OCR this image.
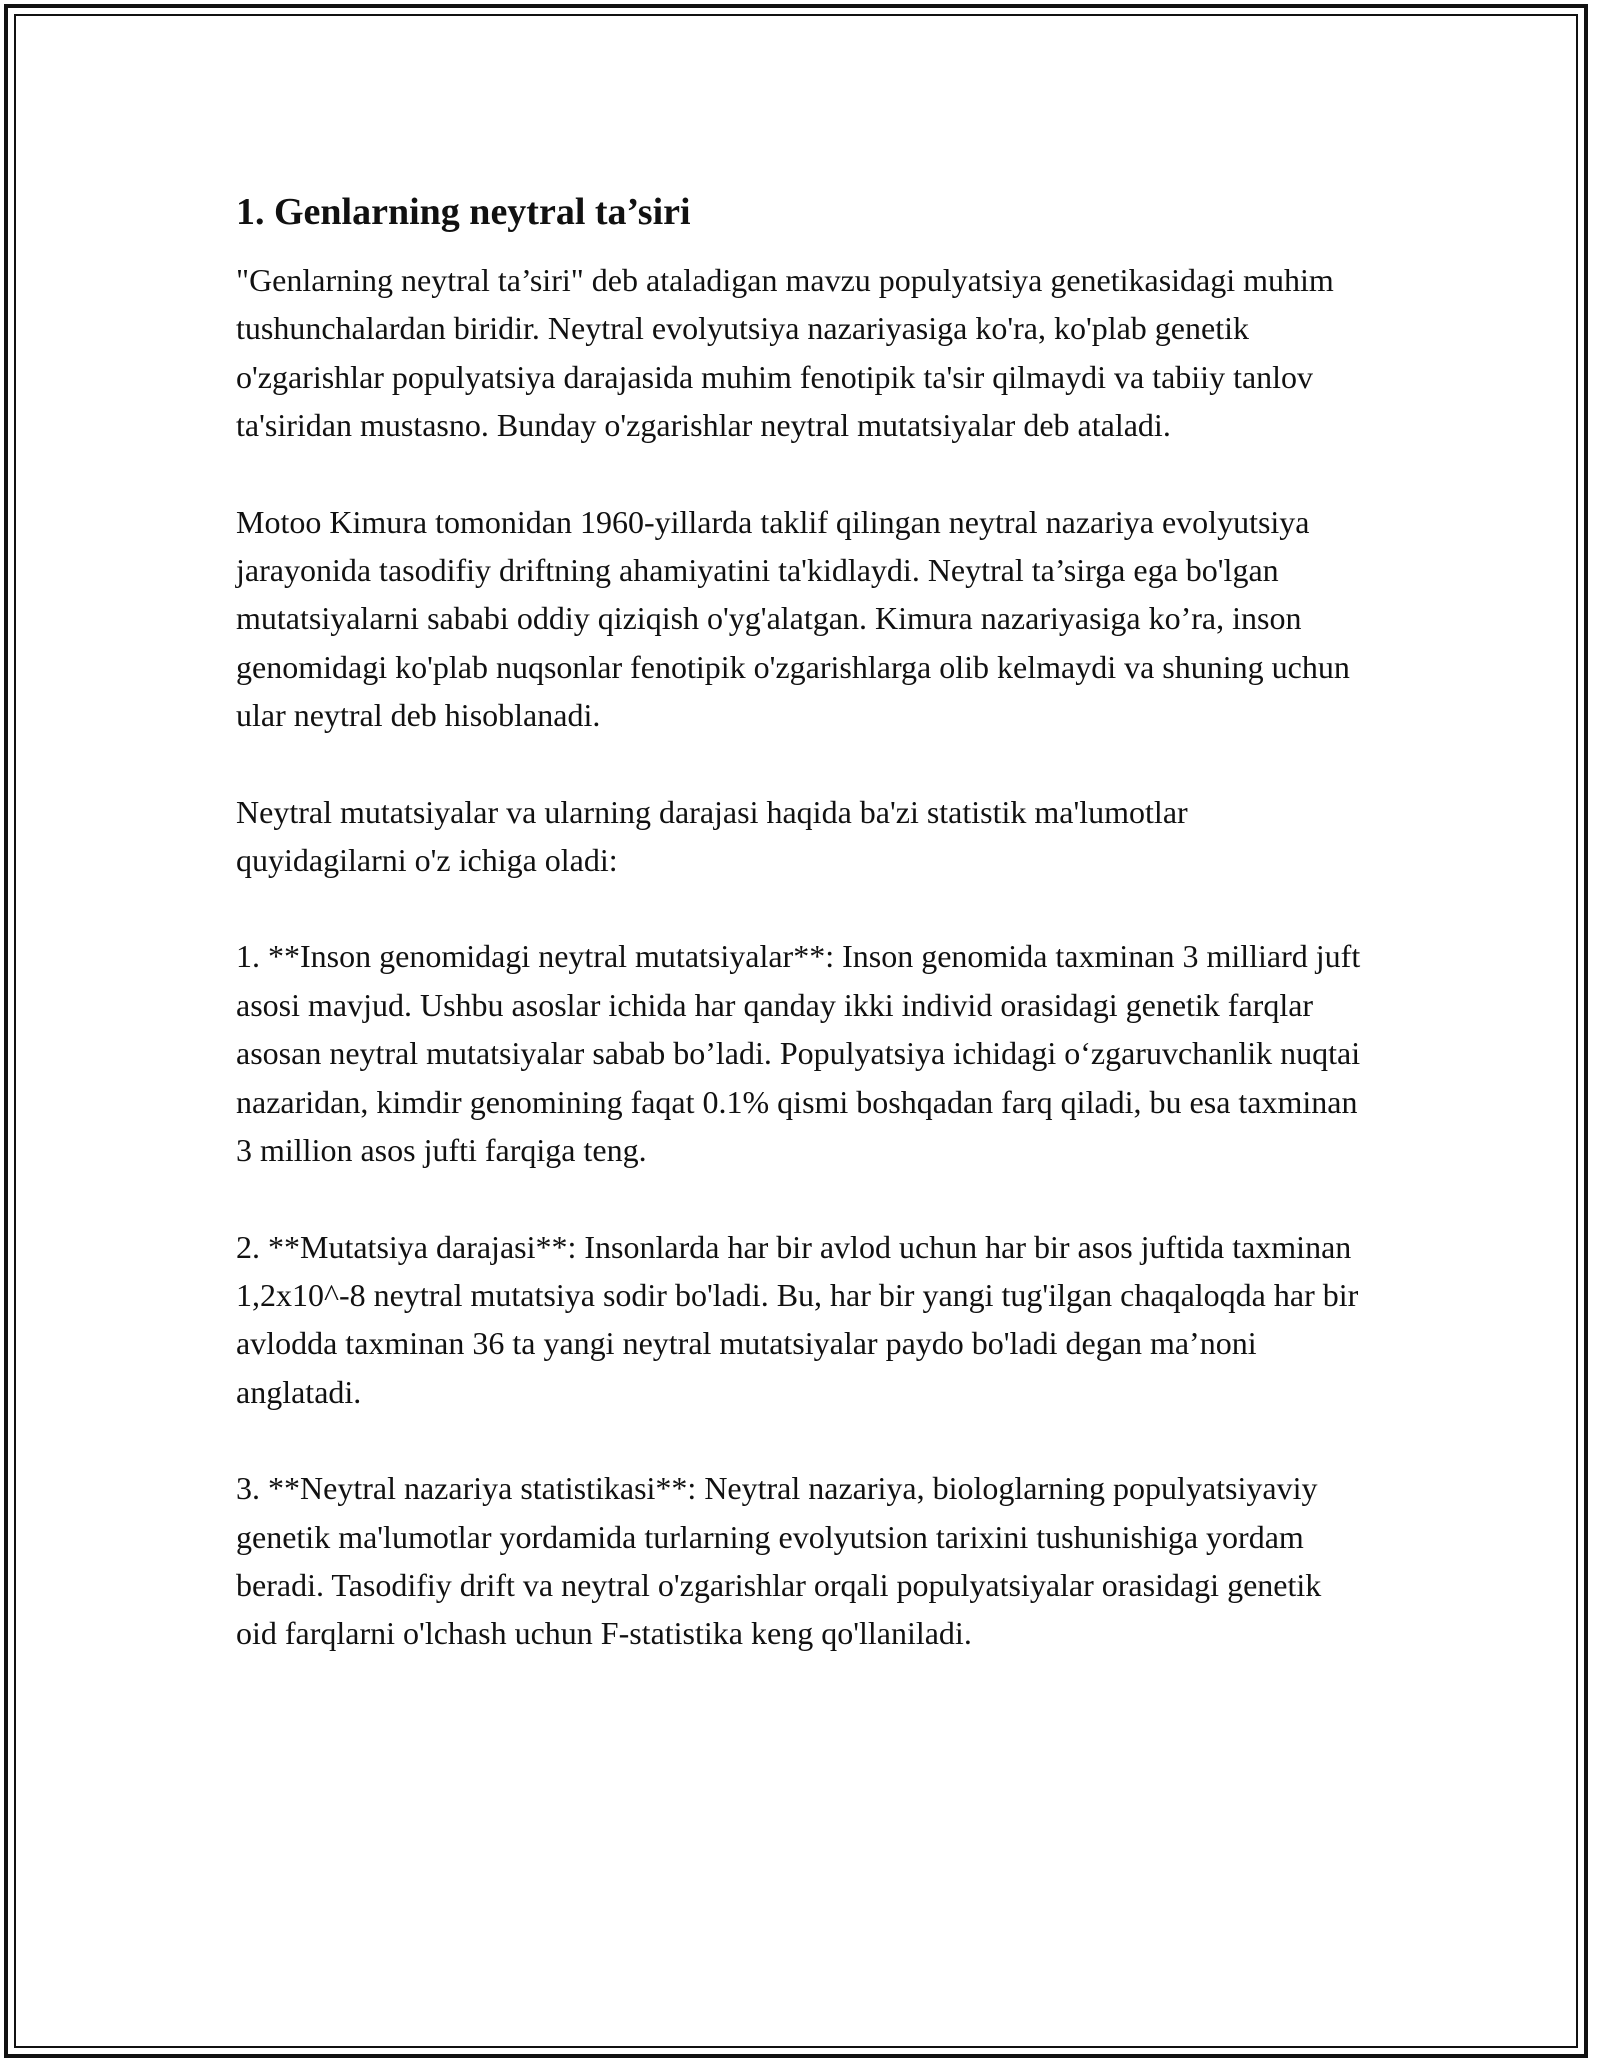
1. Genlarning neytral ta’siri

"Genlarning neytral ta’siri" deb ataladigan mavzu populyatsiya genetikasidagi muhim tushunchalardan biridir. Neytral evolyutsiya nazariyasiga ko'ra, ko'plab genetik o'zgarishlar populyatsiya darajasida muhim fenotipik ta'sir qilmaydi va tabiiy tanlov ta'siridan mustasno. Bunday o'zgarishlar neytral mutatsiyalar deb ataladi.

Motoo Kimura tomonidan 1960-yillarda taklif qilingan neytral nazariya evolyutsiya jarayonida tasodifiy driftning ahamiyatini ta'kidlaydi. Neytral ta’sirga ega bo'lgan mutatsiyalarni sababi oddiy qiziqish o'yg'alatgan. Kimura nazariyasiga ko’ra, inson genomidagi ko'plab nuqsonlar fenotipik o'zgarishlarga olib kelmaydi va shuning uchun ular neytral deb hisoblanadi.

Neytral mutatsiyalar va ularning darajasi haqida ba'zi statistik ma'lumotlar quyidagilarni o'z ichiga oladi:

1. **Inson genomidagi neytral mutatsiyalar**: Inson genomida taxminan 3 milliard juft asosi mavjud. Ushbu asoslar ichida har qanday ikki individ orasidagi genetik farqlar asosan neytral mutatsiyalar sabab bo’ladi. Populyatsiya ichidagi o‘zgaruvchanlik nuqtai nazaridan, kimdir genomining faqat 0.1% qismi boshqadan farq qiladi, bu esa taxminan 3 million asos jufti farqiga teng.

2. **Mutatsiya darajasi**: Insonlarda har bir avlod uchun har bir asos juftida taxminan 1,2x10^-8 neytral mutatsiya sodir bo'ladi. Bu, har bir yangi tug'ilgan chaqaloqda har bir avlodda taxminan 36 ta yangi neytral mutatsiyalar paydo bo'ladi degan ma’noni anglatadi.

3. **Neytral nazariya statistikasi**: Neytral nazariya, biologlarning populyatsiyaviy genetik ma'lumotlar yordamida turlarning evolyutsion tarixini tushunishiga yordam beradi. Tasodifiy drift va neytral o'zgarishlar orqali populyatsiyalar orasidagi genetik oid farqlarni o'lchash uchun F-statistika keng qo'llaniladi.
